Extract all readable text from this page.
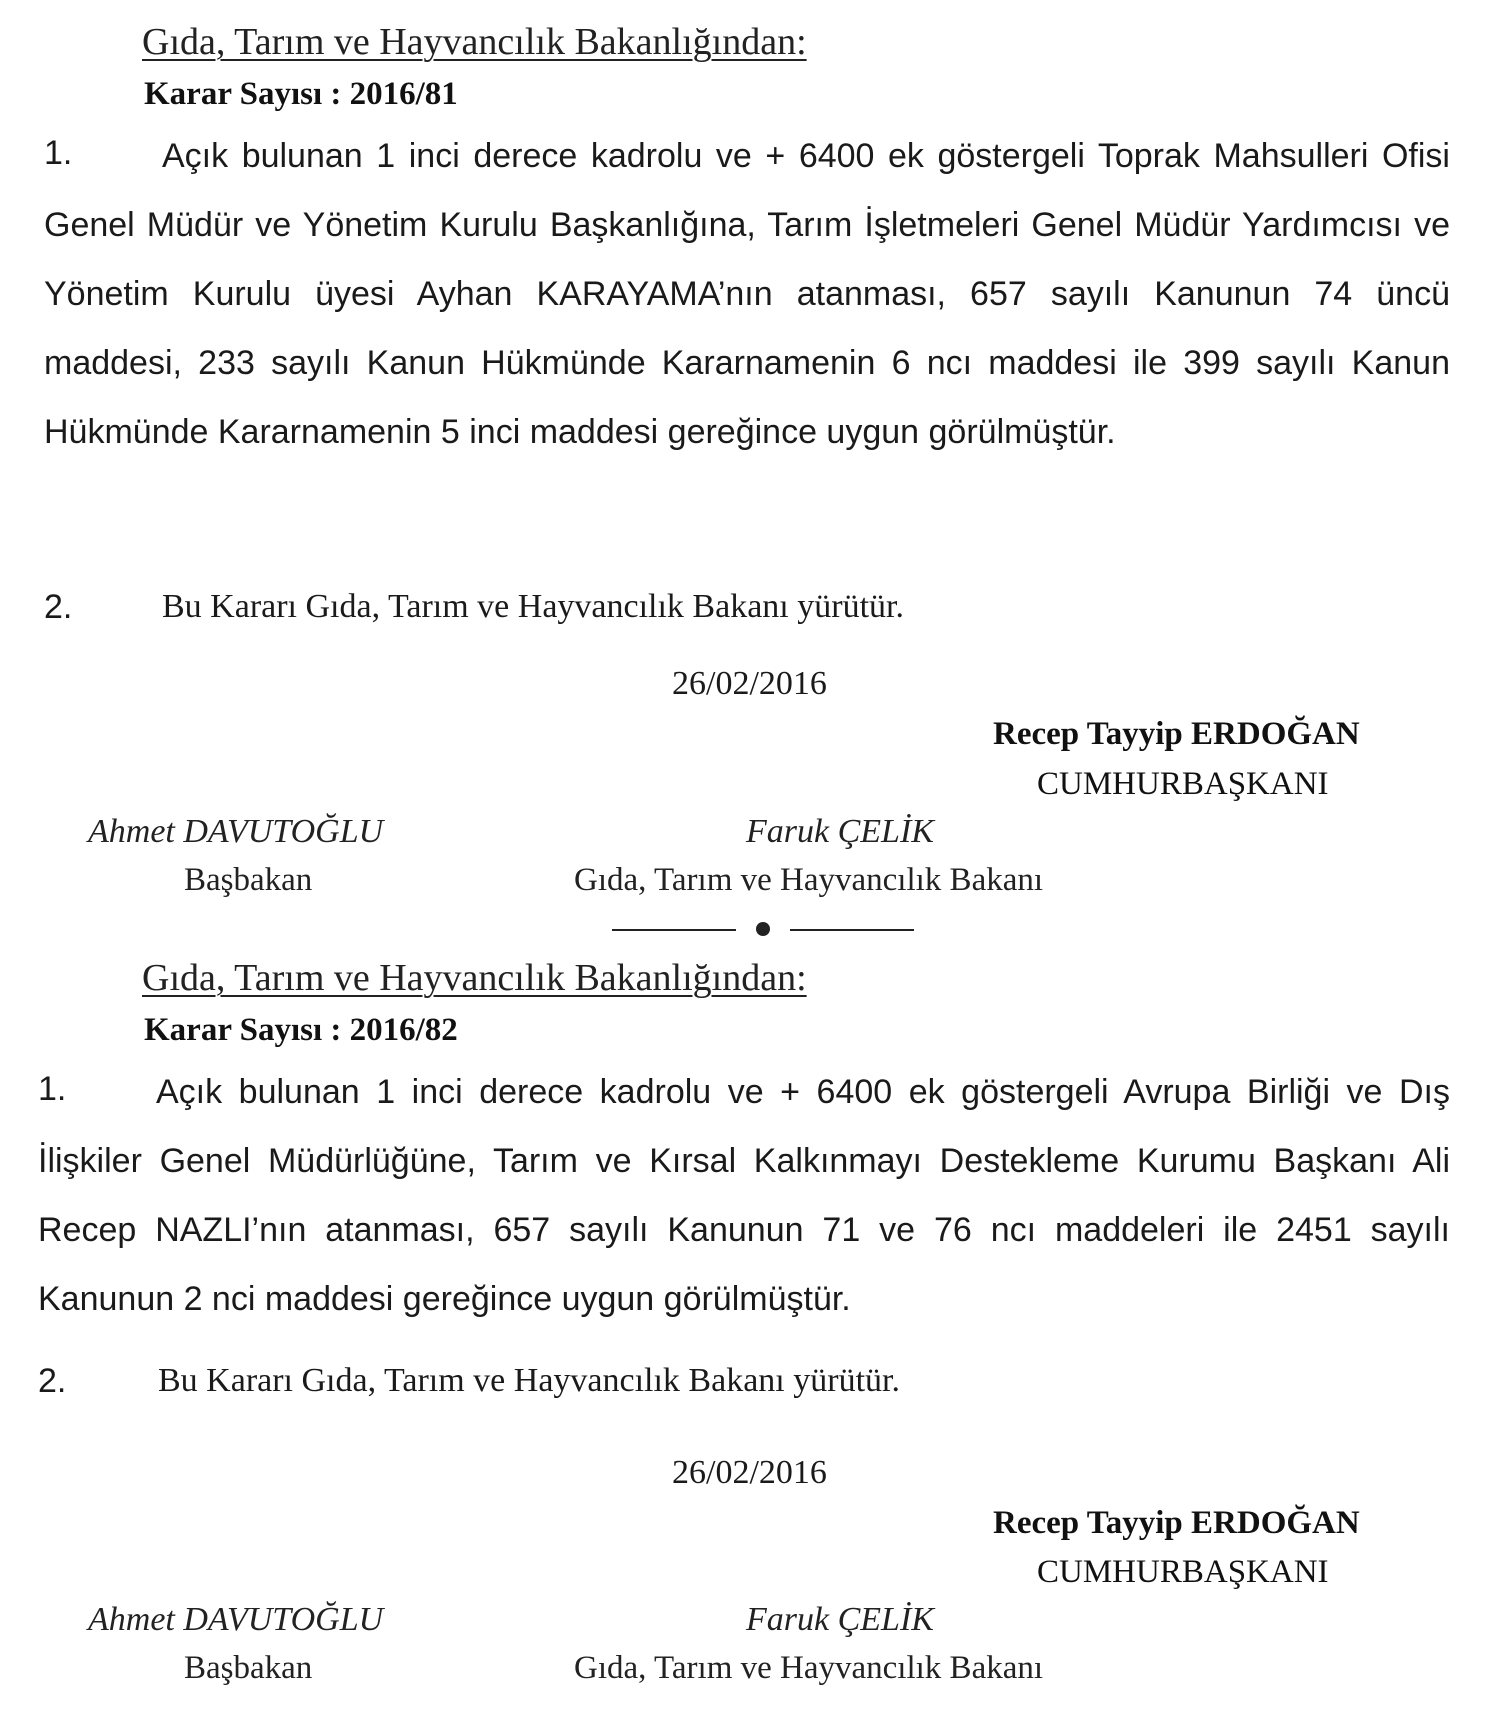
Gıda, Tarım ve Hayvancılık Bakanlığından:
Karar Sayısı : 2016/81
1.	Açık bulunan 1 inci derece kadrolu ve + 6400 ek göstergeli Toprak Mahsulleri Ofisi Genel Müdür ve Yönetim Kurulu Başkanlığına, Tarım İşletmeleri Genel Müdür Yardımcısı ve Yönetim Kurulu üyesi Ayhan KARAYAMA’nın atanması, 657 sayılı Kanunun 74 üncü maddesi, 233 sayılı Kanun Hükmünde Kararnamenin 6 ncı maddesi ile 399 sayılı Kanun Hükmünde Kararnamenin 5 inci maddesi gereğince uygun görülmüştür.
2.	Bu Kararı Gıda, Tarım ve Hayvancılık Bakanı yürütür.
26/02/2016
Recep Tayyip ERDOĞAN
CUMHURBAŞKANI
Ahmet DAVUTOĞLU
Başbakan
Faruk ÇELİK
Gıda, Tarım ve Hayvancılık Bakanı
Gıda, Tarım ve Hayvancılık Bakanlığından:
Karar Sayısı : 2016/82
1.	Açık bulunan 1 inci derece kadrolu ve + 6400 ek göstergeli Avrupa Birliği ve Dış İlişkiler Genel Müdürlüğüne, Tarım ve Kırsal Kalkınmayı Destekleme Kurumu Başkanı Ali Recep NAZLI’nın atanması, 657 sayılı Kanunun 71 ve 76 ncı maddeleri ile 2451 sayılı Kanunun 2 nci maddesi gereğince uygun görülmüştür.
2.	Bu Kararı Gıda, Tarım ve Hayvancılık Bakanı yürütür.
26/02/2016
Recep Tayyip ERDOĞAN
CUMHURBAŞKANI
Ahmet DAVUTOĞLU
Başbakan
Faruk ÇELİK
Gıda, Tarım ve Hayvancılık Bakanı
